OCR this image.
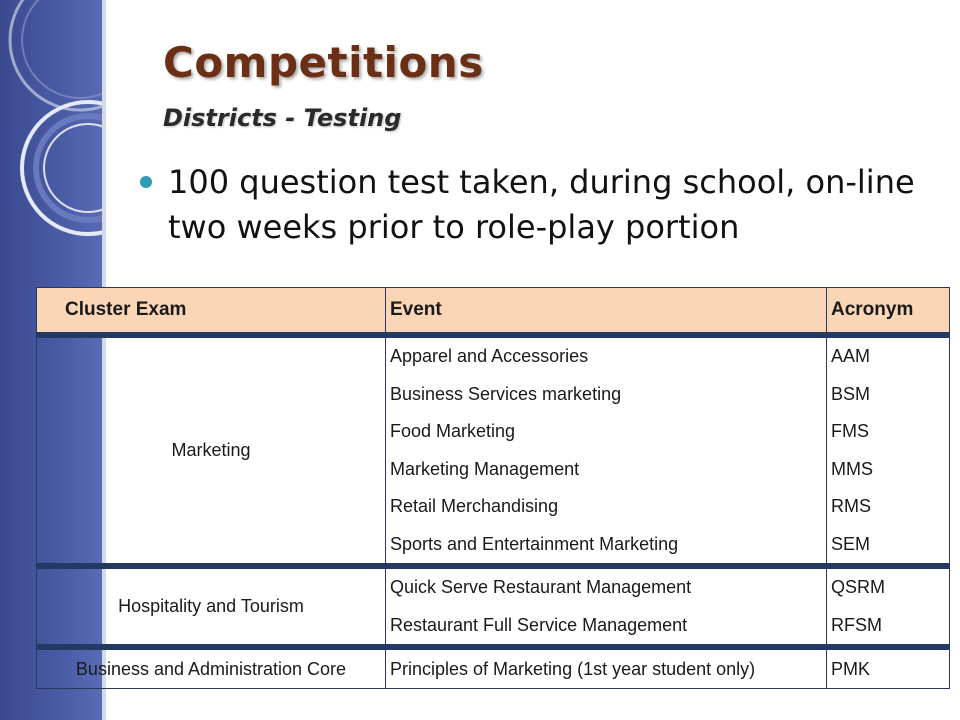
Competitions
Districts - Testing
100 question test taken, during school, on-line two weeks prior to role-play portion
Cluster Exam	Event	Acronym
Marketing	Apparel and Accessories	AAM
	Business Services marketing	BSM
	Food Marketing	FMS
	Marketing Management	MMS
	Retail Merchandising	RMS
	Sports and Entertainment Marketing	SEM
Hospitality and Tourism	Quick Serve Restaurant Management	QSRM
	Restaurant Full Service Management	RFSM
Business and Administration Core	Principles of Marketing (1st year student only)	PMK
